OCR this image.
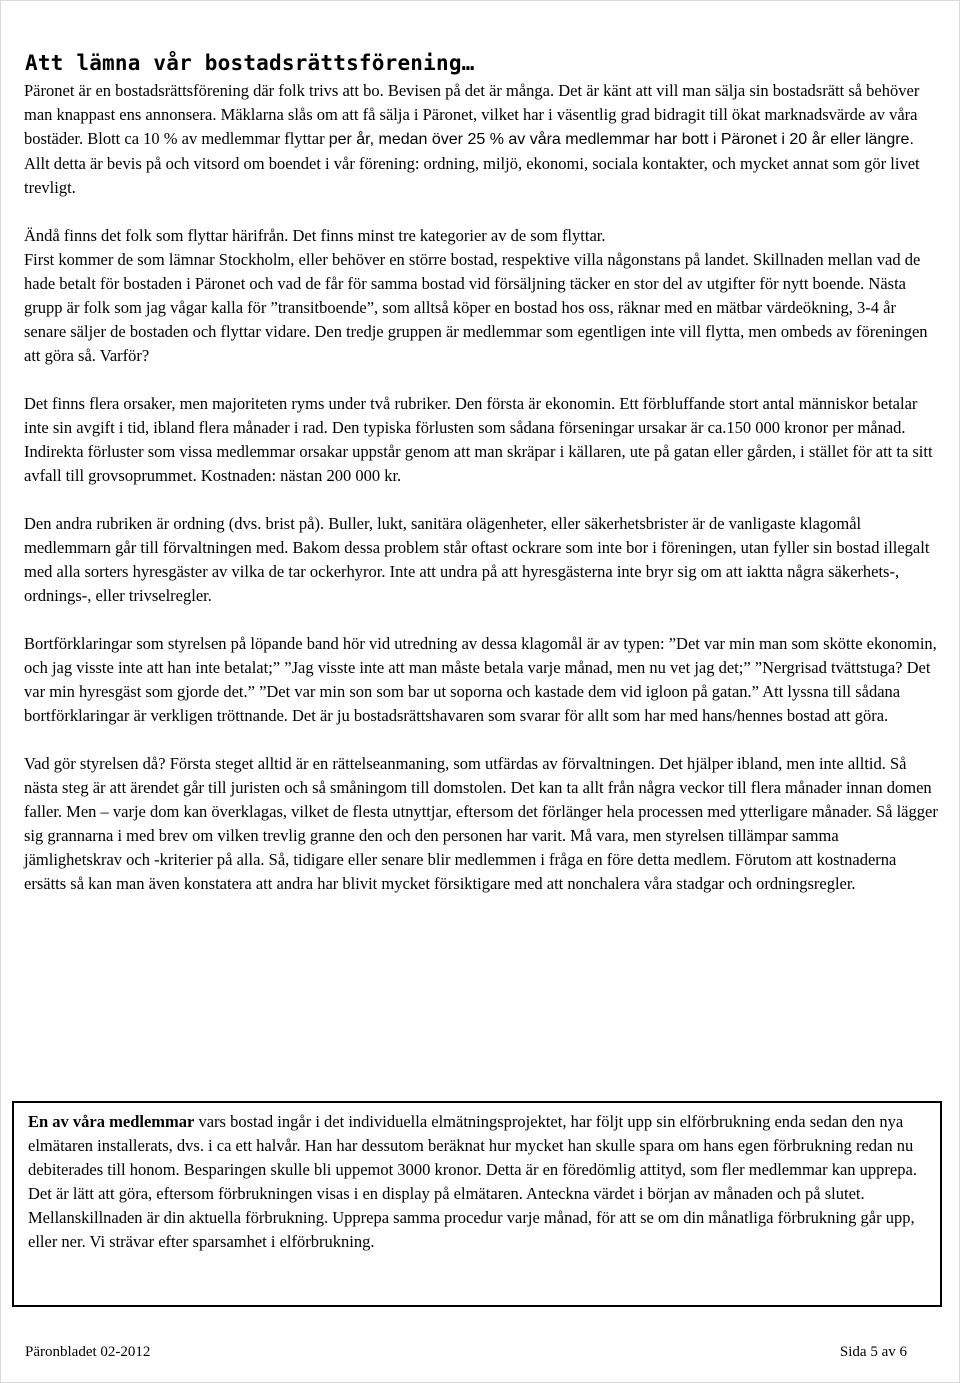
Att lämna vår bostadsrättsförening…

Päronet är en bostadsrättsförening där folk trivs att bo. Bevisen på det är många. Det är känt att vill man sälja sin bostadsrätt så behöver man knappast ens annonsera. Mäklarna slås om att få sälja i Päronet, vilket har i väsentlig grad bidragit till ökat marknadsvärde av våra bostäder. Blott ca 10 % av medlemmar flyttar per år, medan över 25 % av våra medlemmar har bott i Päronet i 20 år eller längre. Allt detta är bevis på och vitsord om boendet i vår förening: ordning, miljö, ekonomi, sociala kontakter, och mycket annat som gör livet trevligt.

Ändå finns det folk som flyttar härifrån. Det finns minst tre kategorier av de som flyttar.

First kommer de som lämnar Stockholm, eller behöver en större bostad, respektive villa någonstans på landet. Skillnaden mellan vad de hade betalt för bostaden i Päronet och vad de får för samma bostad vid försäljning täcker en stor del av utgifter för nytt boende. Nästa grupp är folk som jag vågar kalla för ”transitboende”, som alltså köper en bostad hos oss, räknar med en mätbar värdeökning, 3-4 år senare säljer de bostaden och flyttar vidare. Den tredje gruppen är medlemmar som egentligen inte vill flytta, men ombeds av föreningen att göra så. Varför?

Det finns flera orsaker, men majoriteten ryms under två rubriker. Den första är ekonomin. Ett förbluffande stort antal människor betalar inte sin avgift i tid, ibland flera månader i rad. Den typiska förlusten som sådana förseningar ursakar är ca.150 000 kronor per månad. Indirekta förluster som vissa medlemmar orsakar uppstår genom att man skräpar i källaren, ute på gatan eller gården, i stället för att ta sitt avfall till grovsoprummet. Kostnaden: nästan 200 000 kr.

Den andra rubriken är ordning (dvs. brist på). Buller, lukt, sanitära olägenheter, eller säkerhetsbrister är de vanligaste klagomål medlemmarn går till förvaltningen med. Bakom dessa problem står oftast ockrare som inte bor i föreningen, utan fyller sin bostad illegalt med alla sorters hyresgäster av vilka de tar ockerhyror. Inte att undra på att hyresgästerna inte bryr sig om att iaktta några säkerhets-, ordnings-, eller trivselregler.

Bortförklaringar som styrelsen på löpande band hör vid utredning av dessa klagomål är av typen: ”Det var min man som skötte ekonomin, och jag visste inte att han inte betalat;” ”Jag visste inte att man måste betala varje månad, men nu vet jag det;” ”Nergrisad tvättstuga? Det var min hyresgäst som gjorde det.” ”Det var min son som bar ut soporna och kastade dem vid igloon på gatan.” Att lyssna till sådana bortförklaringar är verkligen tröttnande. Det är ju bostadsrättshavaren som svarar för allt som har med hans/hennes bostad att göra.

Vad gör styrelsen då? Första steget alltid är en rättelseanmaning, som utfärdas av förvaltningen. Det hjälper ibland, men inte alltid. Så nästa steg är att ärendet går till juristen och så småningom till domstolen. Det kan ta allt från några veckor till flera månader innan domen faller. Men – varje dom kan överklagas, vilket de flesta utnyttjar, eftersom det förlänger hela processen med ytterligare månader. Så lägger sig grannarna i med brev om vilken trevlig granne den och den personen har varit. Må vara, men styrelsen tillämpar samma jämlighetskrav och -kriterier på alla. Så, tidigare eller senare blir medlemmen i fråga en före detta medlem. Förutom att kostnaderna ersätts så kan man även konstatera att andra har blivit mycket försiktigare med att nonchalera våra stadgar och ordningsregler.

En av våra medlemmar vars bostad ingår i det individuella elmätningsprojektet, har följt upp sin elförbrukning enda sedan den nya elmätaren installerats, dvs. i ca ett halvår. Han har dessutom beräknat hur mycket han skulle spara om hans egen förbrukning redan nu debiterades till honom. Besparingen skulle bli uppemot 3000 kronor. Detta är en föredömlig attityd, som fler medlemmar kan upprepa. Det är lätt att göra, eftersom förbrukningen visas i en display på elmätaren. Anteckna värdet i början av månaden och på slutet. Mellanskillnaden är din aktuella förbrukning. Upprepa samma procedur varje månad, för att se om din månatliga förbrukning går upp, eller ner. Vi strävar efter sparsamhet i elförbrukning.
Päronbladet 02-2012	Sida 5 av 6
